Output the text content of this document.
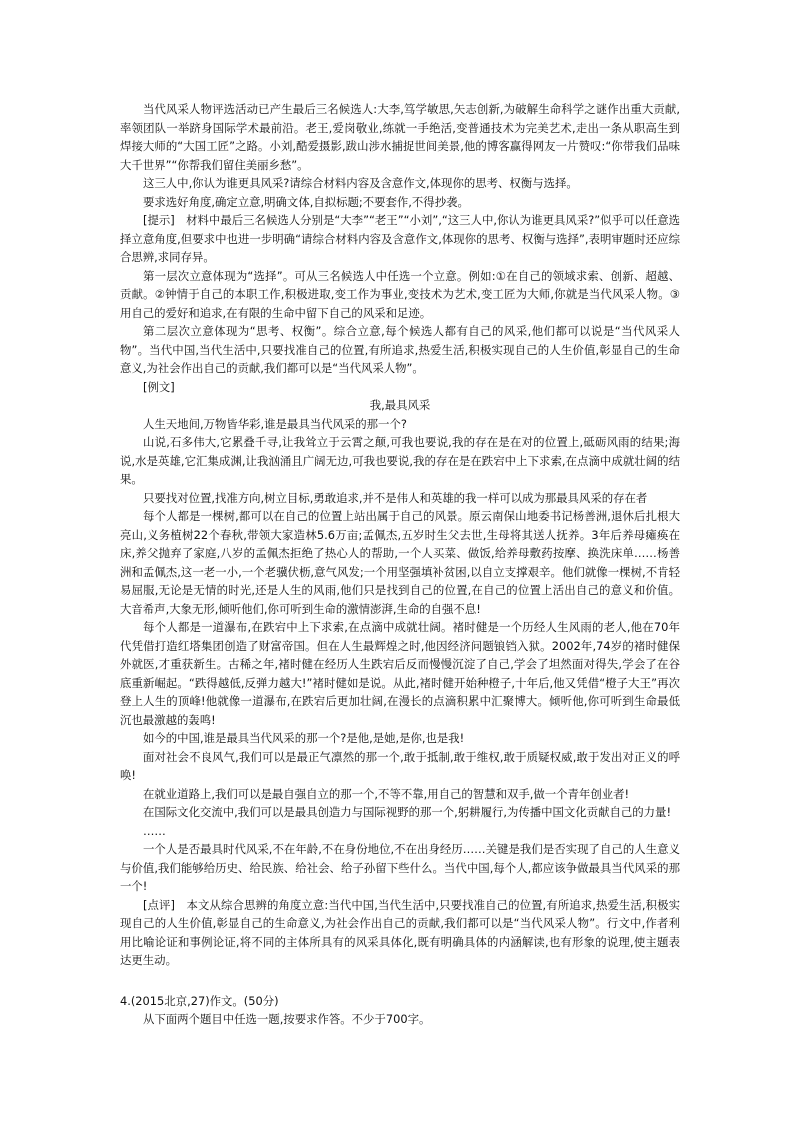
当代风采人物评选活动已产生最后三名候选人:大李,笃学敏思,矢志创新,为破解生命科学之谜作出重大贡献,率领团队一举跻身国际学术最前沿。老王,爱岗敬业,练就一手绝活,变普通技术为完美艺术,走出一条从职高生到焊接大师的“大国工匠”之路。小刘,酷爱摄影,跋山涉水捕捉世间美景,他的博客赢得网友一片赞叹:“你带我们品味大千世界”“你帮我们留住美丽乡愁”。

这三人中,你认为谁更具风采?请综合材料内容及含意作文,体现你的思考、权衡与选择。

要求选好角度,确定立意,明确文体,自拟标题;不要套作,不得抄袭。

[提示]　材料中最后三名候选人分别是“大李”“老王”“小刘”,“这三人中,你认为谁更具风采?”似乎可以任意选择立意角度,但要求中也进一步明确“请综合材料内容及含意作文,体现你的思考、权衡与选择”,表明审题时还应综合思辨,求同存异。

第一层次立意体现为“选择”。可从三名候选人中任选一个立意。例如:①在自己的领域求索、创新、超越、贡献。②钟情于自己的本职工作,积极进取,变工作为事业,变技术为艺术,变工匠为大师,你就是当代风采人物。③用自己的爱好和追求,在有限的生命中留下自己的风采和足迹。

第二层次立意体现为“思考、权衡”。综合立意,每个候选人都有自己的风采,他们都可以说是“当代风采人物”。当代中国,当代生活中,只要找准自己的位置,有所追求,热爱生活,积极实现自己的人生价值,彰显自己的生命意义,为社会作出自己的贡献,我们都可以是“当代风采人物”。

[例文]

我,最具风采

人生天地间,万物皆华彩,谁是最具当代风采的那一个?

山说,石多伟大,它累叠千寻,让我耸立于云霄之颠,可我也要说,我的存在是在对的位置上,砥砺风雨的结果;海说,水是英雄,它汇集成渊,让我汹涌且广阔无边,可我也要说,我的存在是在跌宕中上下求索,在点滴中成就壮阔的结果。

只要找对位置,找准方向,树立目标,勇敢追求,并不是伟人和英雄的我一样可以成为那最具风采的存在者

每个人都是一棵树,都可以在自己的位置上站出属于自己的风景。原云南保山地委书记杨善洲,退休后扎根大亮山,义务植树22个春秋,带领大家造林5.6万亩;孟佩杰,五岁时生父去世,生母将其送人抚养。3年后养母瘫痪在床,养父抛弃了家庭,八岁的孟佩杰拒绝了热心人的帮助,一个人买菜、做饭,给养母敷药按摩、换洗床单……杨善洲和孟佩杰,这一老一小,一个老骥伏枥,意气风发;一个用坚强填补贫困,以自立支撑艰辛。他们就像一棵树,不肯轻易屈服,无论是无情的时光,还是人生的风雨,他们只是找到自己的位置,在自己的位置上活出自己的意义和价值。大音希声,大象无形,倾听他们,你可听到生命的激情澎湃,生命的自强不息!

每个人都是一道瀑布,在跌宕中上下求索,在点滴中成就壮阔。褚时健是一个历经人生风雨的老人,他在70年代凭借打造红塔集团创造了财富帝国。但在人生最辉煌之时,他因经济问题锒铛入狱。2002年,74岁的褚时健保外就医,才重获新生。古稀之年,褚时健在经历人生跌宕后反而慢慢沉淀了自己,学会了坦然面对得失,学会了在谷底重新崛起。“跌得越低,反弹力越大!”褚时健如是说。从此,褚时健开始种橙子,十年后,他又凭借“橙子大王”再次登上人生的顶峰!他就像一道瀑布,在跌宕后更加壮阔,在漫长的点滴积累中汇聚博大。倾听他,你可听到生命最低沉也最激越的轰鸣!

如今的中国,谁是最具当代风采的那一个?是他,是她,是你,也是我!

面对社会不良风气,我们可以是最正气凛然的那一个,敢于抵制,敢于维权,敢于质疑权威,敢于发出对正义的呼唤!

在就业道路上,我们可以是最自强自立的那一个,不等不靠,用自己的智慧和双手,做一个青年创业者!

在国际文化交流中,我们可以是最具创造力与国际视野的那一个,躬耕履行,为传播中国文化贡献自己的力量!

……

一个人是否最具时代风采,不在年龄,不在身份地位,不在出身经历……关键是我们是否实现了自己的人生意义与价值,我们能够给历史、给民族、给社会、给子孙留下些什么。当代中国,每个人,都应该争做最具当代风采的那一个!

[点评]　本文从综合思辨的角度立意:当代中国,当代生活中,只要找准自己的位置,有所追求,热爱生活,积极实现自己的人生价值,彰显自己的生命意义,为社会作出自己的贡献,我们都可以是“当代风采人物”。行文中,作者利用比喻论证和事例论证,将不同的主体所具有的风采具体化,既有明确具体的内涵解读,也有形象的说理,使主题表达更生动。

4.(2015北京,27)作文。(50分)

从下面两个题目中任选一题,按要求作答。不少于700字。
